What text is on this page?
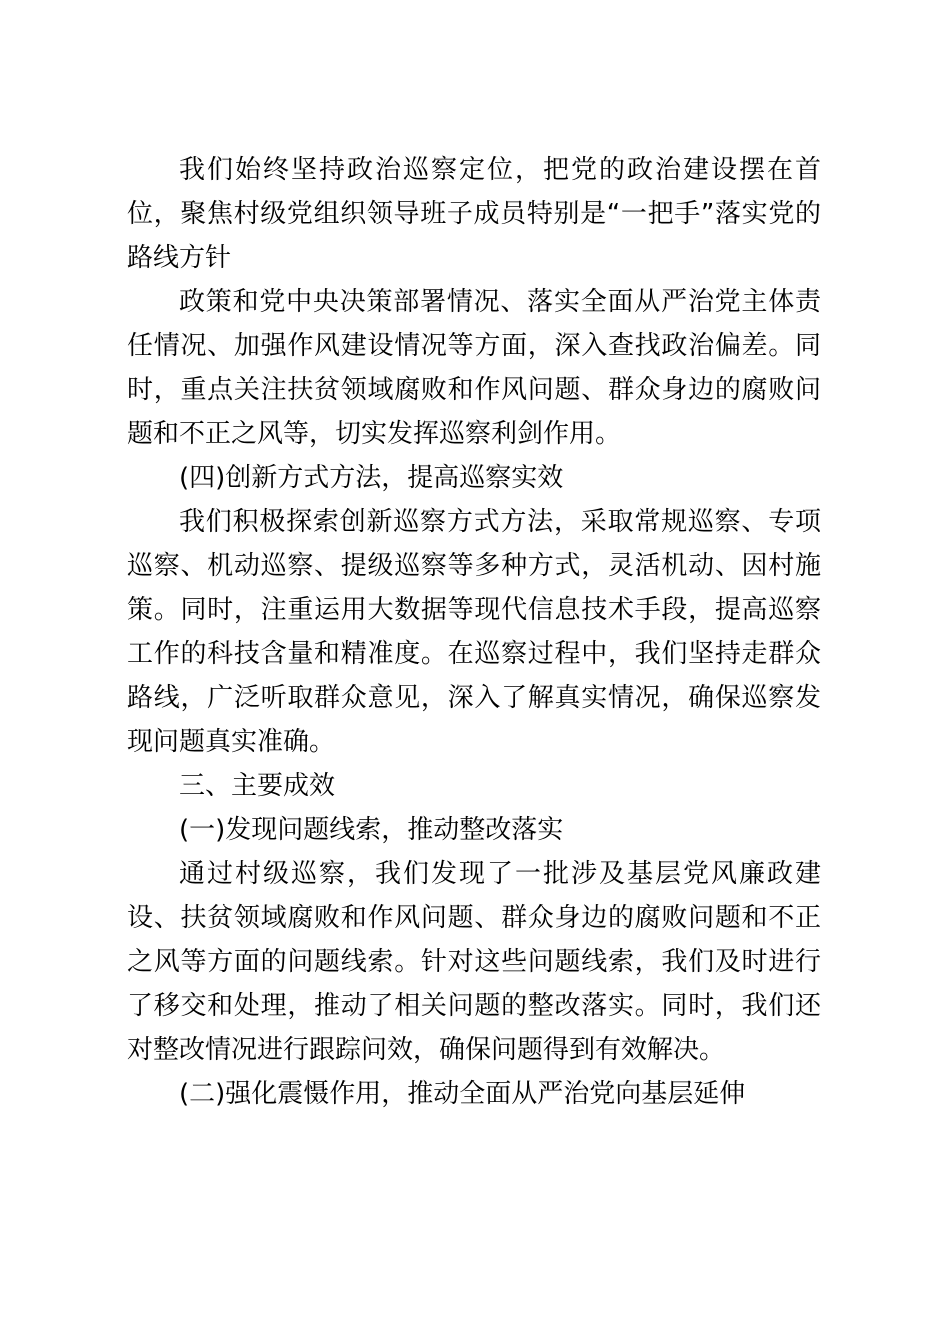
我们始终坚持政治巡察定位，把党的政治建设摆在首位，聚焦村级党组织领导班子成员特别是“一把手”落实党的路线方针

政策和党中央决策部署情况、落实全面从严治党主体责任情况、加强作风建设情况等方面，深入查找政治偏差。同时，重点关注扶贫领域腐败和作风问题、群众身边的腐败问题和不正之风等，切实发挥巡察利剑作用。

(四)创新方式方法，提高巡察实效

我们积极探索创新巡察方式方法，采取常规巡察、专项巡察、机动巡察、提级巡察等多种方式，灵活机动、因村施策。同时，注重运用大数据等现代信息技术手段，提高巡察工作的科技含量和精准度。在巡察过程中，我们坚持走群众路线，广泛听取群众意见，深入了解真实情况，确保巡察发现问题真实准确。

三、主要成效

(一)发现问题线索，推动整改落实

通过村级巡察，我们发现了一批涉及基层党风廉政建设、扶贫领域腐败和作风问题、群众身边的腐败问题和不正之风等方面的问题线索。针对这些问题线索，我们及时进行了移交和处理，推动了相关问题的整改落实。同时，我们还对整改情况进行跟踪问效，确保问题得到有效解决。

(二)强化震慑作用，推动全面从严治党向基层延伸
